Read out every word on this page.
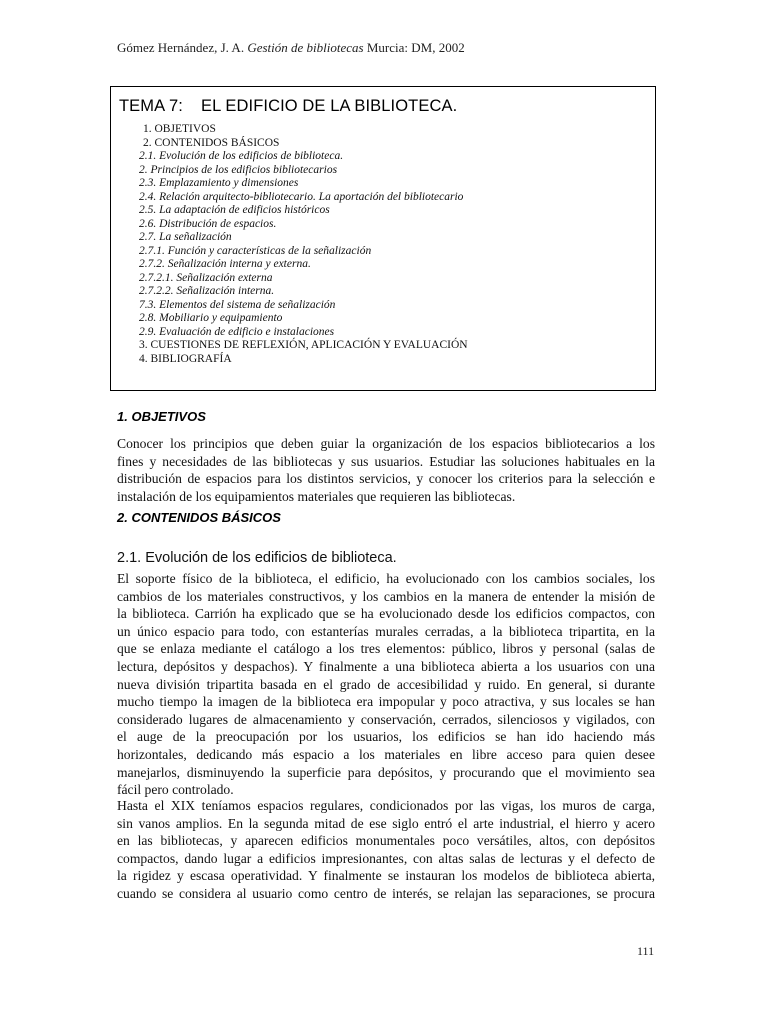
Gómez Hernández, J. A. Gestión de bibliotecas Murcia: DM, 2002
TEMA 7: EL EDIFICIO DE LA BIBLIOTECA.
1. OBJETIVOS
2. CONTENIDOS BÁSICOS
2.1. Evolución de los edificios de biblioteca.
2. Principios de los edificios bibliotecarios
2.3. Emplazamiento y dimensiones
2.4. Relación arquitecto-bibliotecario. La aportación del bibliotecario
2.5. La adaptación de edificios históricos
2.6. Distribución de espacios.
2.7. La señalización
2.7.1. Función y características de la señalización
2.7.2. Señalización interna y externa.
2.7.2.1. Señalización externa
2.7.2.2. Señalización interna.
7.3. Elementos del sistema de señalización
2.8. Mobiliario y equipamiento
2.9. Evaluación de edificio e instalaciones
3. CUESTIONES DE REFLEXIÓN, APLICACIÓN Y EVALUACIÓN
4. BIBLIOGRAFÍA
1. OBJETIVOS
Conocer los principios que deben guiar la organización de los espacios bibliotecarios a los
fines y necesidades de las bibliotecas y sus usuarios. Estudiar las soluciones habituales en la
distribución de espacios para los distintos servicios, y conocer los criterios para la selección e
instalación de los equipamientos materiales que requieren las bibliotecas.
2. CONTENIDOS BÁSICOS
2.1. Evolución de los edificios de biblioteca.
El soporte físico de la biblioteca, el edificio, ha evolucionado con los cambios sociales, los
cambios de los materiales constructivos, y los cambios en la manera de entender la misión de
la biblioteca. Carrión ha explicado que se ha evolucionado desde los edificios compactos, con
un único espacio para todo, con estanterías murales cerradas, a la biblioteca tripartita, en la
que se enlaza mediante el catálogo a los tres elementos: público, libros y personal (salas de
lectura, depósitos y despachos). Y finalmente a una biblioteca abierta a los usuarios con una
nueva división tripartita basada en el grado de accesibilidad y ruido. En general, si durante
mucho tiempo la imagen de la biblioteca era impopular y poco atractiva, y sus locales se han
considerado lugares de almacenamiento y conservación, cerrados, silenciosos y vigilados, con
el auge de la preocupación por los usuarios, los edificios se han ido haciendo más
horizontales, dedicando más espacio a los materiales en libre acceso para quien desee
manejarlos, disminuyendo la superficie para depósitos, y procurando que el movimiento sea
fácil pero controlado.
Hasta el XIX teníamos espacios regulares, condicionados por las vigas, los muros de carga,
sin vanos amplios. En la segunda mitad de ese siglo entró el arte industrial, el hierro y acero
en las bibliotecas, y aparecen edificios monumentales poco versátiles, altos, con depósitos
compactos, dando lugar a edificios impresionantes, con altas salas de lecturas y el defecto de
la rigidez y escasa operatividad. Y finalmente se instauran los modelos de biblioteca abierta,
cuando se considera al usuario como centro de interés, se relajan las separaciones, se procura
111
